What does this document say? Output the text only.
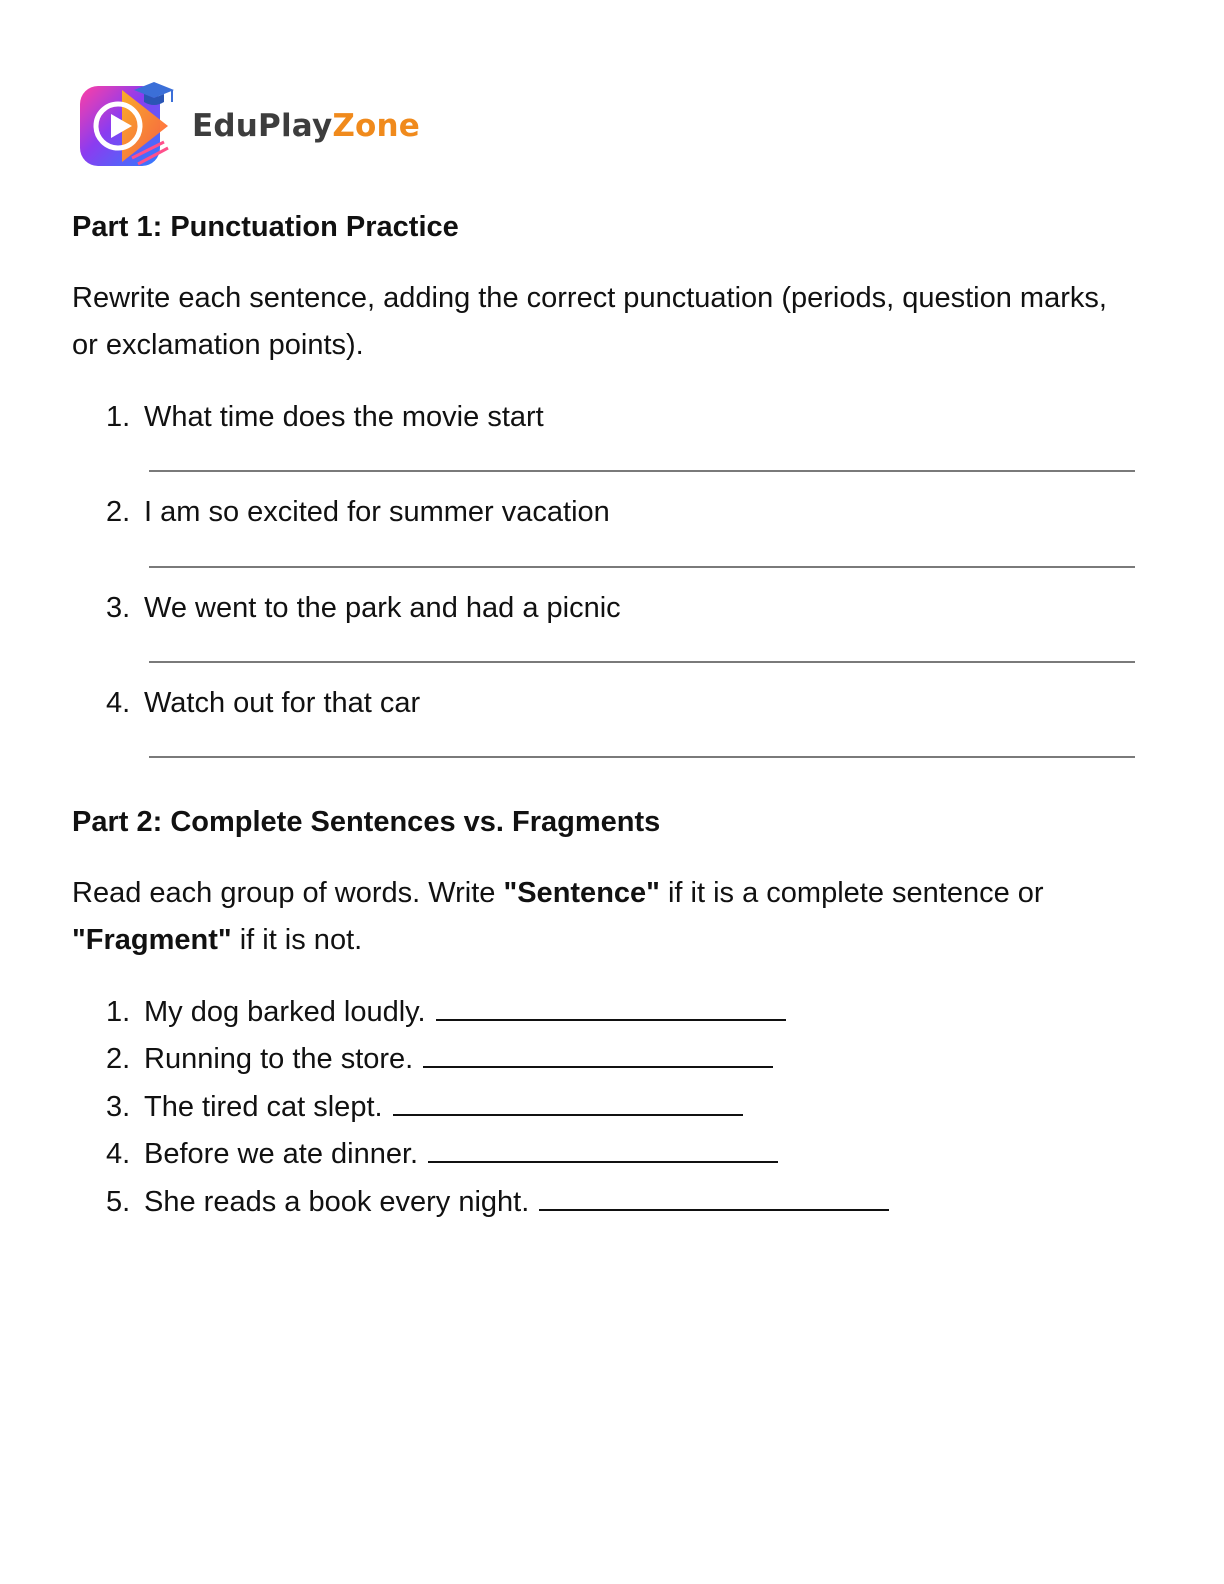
EduPlayZone
Part 1: Punctuation Practice
Rewrite each sentence, adding the correct punctuation (periods, question marks, or exclamation points).
1. What time does the movie start
2. I am so excited for summer vacation
3. We went to the park and had a picnic
4. Watch out for that car
Part 2: Complete Sentences vs. Fragments
Read each group of words. Write "Sentence" if it is a complete sentence or "Fragment" if it is not.
1. My dog barked loudly.
2. Running to the store.
3. The tired cat slept.
4. Before we ate dinner.
5. She reads a book every night.
